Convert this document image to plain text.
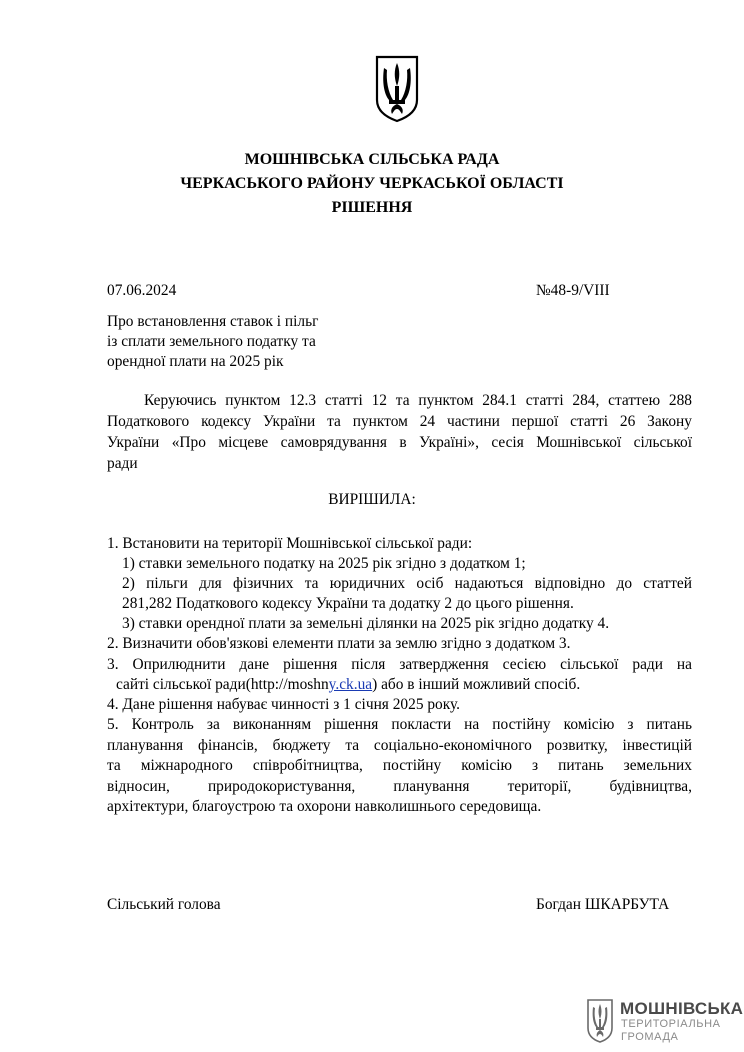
МОШНІВСЬКА СІЛЬСЬКА РАДА
ЧЕРКАСЬКОГО РАЙОНУ ЧЕРКАСЬКОЇ ОБЛАСТІ
РІШЕННЯ
07.06.2024	№48-9/VIII
Про встановлення ставок і пільг
із сплати земельного податку та
орендної плати на 2025 рік
Керуючись пунктом 12.3 статті 12 та пунктом 284.1 статті 284, статтею 288
Податкового кодексу України та пунктом 24 частини першої статті 26 Закону
України «Про місцеве самоврядування в Україні», сесія Мошнівської сільської
ради
ВИРІШИЛА:
1. Встановити на території Мошнівської сільської ради:
1) ставки земельного податку на 2025 рік згідно з додатком 1;
2) пільги для фізичних та юридичних осіб надаються відповідно до статтей
281,282 Податкового кодексу України та додатку 2 до цього рішення.
3) ставки орендної плати за земельні ділянки на 2025 рік згідно додатку 4.
2. Визначити обов'язкові елементи плати за землю згідно з додатком 3.
3. Оприлюднити дане рішення після затвердження сесією сільської ради на
сайті сільської ради(http://moshny.ck.ua) або в інший можливий спосіб.
4. Дане рішення набуває чинності з 1 січня 2025 року.
5. Контроль за виконанням рішення покласти на постійну комісію з питань
планування фінансів, бюджету та соціально-економічного розвитку, інвестицій
та міжнародного співробітництва, постійну комісію з питань земельних
відносин, природокористування, планування території, будівництва,
архітектури, благоустрою та охорони навколишнього середовища.
Сільський голова	Богдан ШКАРБУТА
МОШНІВСЬКА
ТЕРИТОРІАЛЬНА
ГРОМАДА
